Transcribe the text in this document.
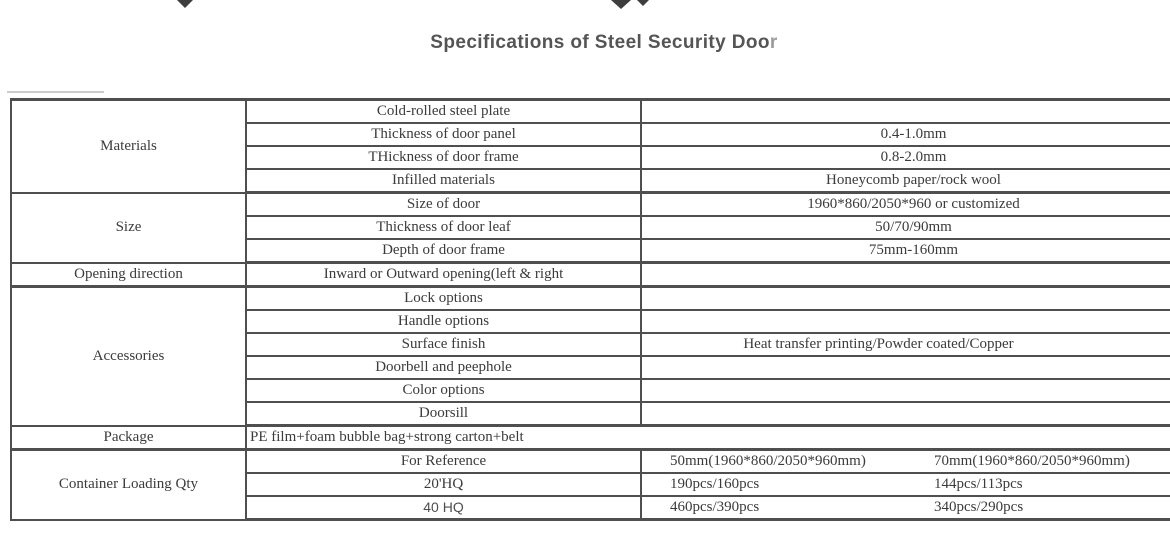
Specifications of Steel Security Door
Materials	Cold-rolled steel plate	
	Thickness of door panel	0.4-1.0mm
	THickness of door frame	0.8-2.0mm
	Infilled materials	Honeycomb paper/rock wool
Size	Size of door	1960*860/2050*960 or customized
	Thickness of door leaf	50/70/90mm
	Depth of door frame	75mm-160mm
Opening direction	Inward or Outward opening(left & right	
Accessories	Lock options	
	Handle options	
	Surface finish	Heat transfer printing/Powder coated/Copper
	Doorbell and peephole	
	Color options	
	Doorsill	
Package	PE film+foam bubble bag+strong carton+belt	
Container Loading Qty	For Reference	50mm(1960*860/2050*960mm) 70mm(1960*860/2050*960mm)

	20'HQ	190pcs/160pcs 144pcs/113pcs

	40 HQ	460pcs/390pcs 340pcs/290pcs
